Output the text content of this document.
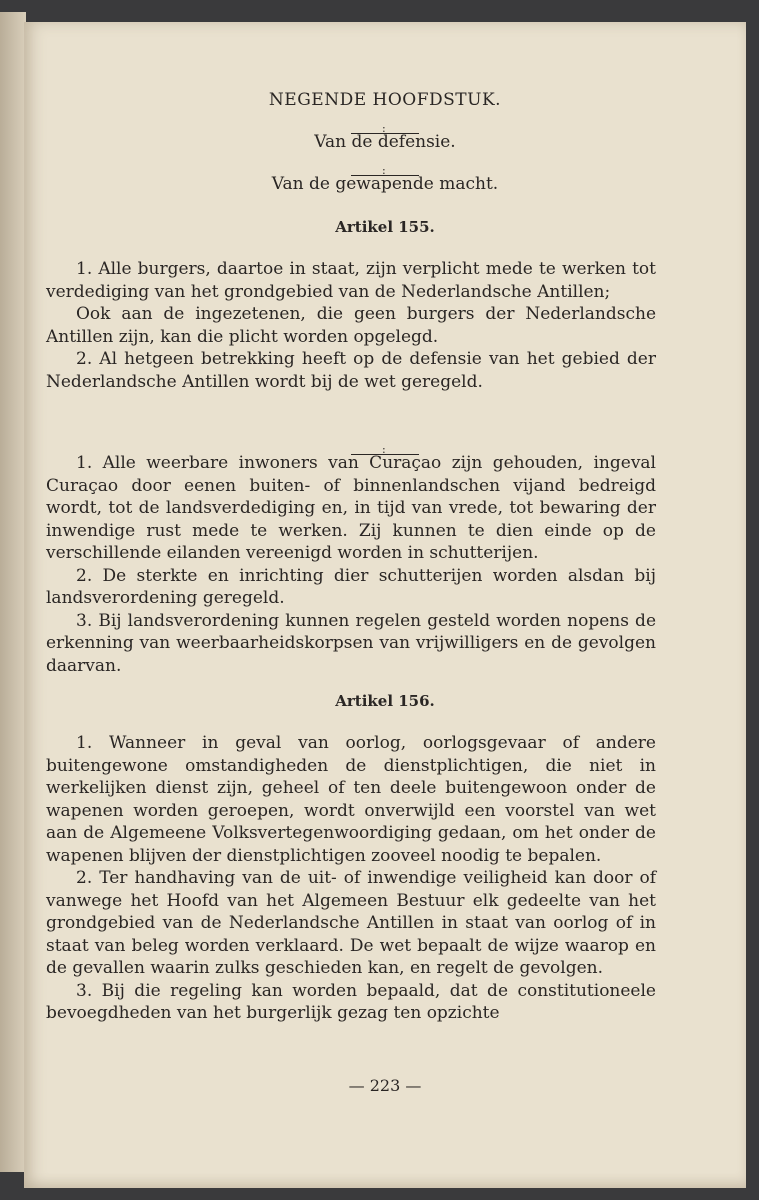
NEGENDE HOOFDSTUK.
:
Van de defensie.
:
Van de gewapende macht.
Artikel 155.

1. Alle burgers, daartoe in staat, zijn verplicht mede te werken tot verdediging van het grondgebied van de Nederlandsche Antillen;

Ook aan de ingezetenen, die geen burgers der Nederlandsche Antillen zijn, kan die plicht worden opgelegd.

2. Al hetgeen betrekking heeft op de defensie van het gebied der Nederlandsche Antillen wordt bij de wet geregeld.

:

1. Alle weerbare inwoners van Curaçao zijn gehouden, ingeval Curaçao door eenen buiten- of binnenlandschen vijand bedreigd wordt, tot de landsverdediging en, in tijd van vrede, tot bewaring der inwendige rust mede te werken. Zij kunnen te dien einde op de verschillende eilanden vereenigd worden in schutterijen.

2. De sterkte en inrichting dier schutterijen worden alsdan bij landsverordening geregeld.

3. Bij landsverordening kunnen regelen gesteld worden nopens de erkenning van weerbaarheidskorpsen van vrijwilligers en de gevolgen daarvan.

Artikel 156.

1. Wanneer in geval van oorlog, oorlogsgevaar of andere buitengewone omstandigheden de dienstplichtigen, die niet in werkelijken dienst zijn, geheel of ten deele buitengewoon onder de wapenen worden geroepen, wordt onverwijld een voorstel van wet aan de Algemeene Volksvertegenwoordiging gedaan, om het onder de wapenen blijven der dienstplichtigen zooveel noodig te bepalen.

2. Ter handhaving van de uit- of inwendige veiligheid kan door of vanwege het Hoofd van het Algemeen Bestuur elk gedeelte van het grondgebied van de Nederlandsche Antillen in staat van oorlog of in staat van beleg worden verklaard. De wet bepaalt de wijze waarop en de gevallen waarin zulks geschieden kan, en regelt de gevolgen.

3. Bij die regeling kan worden bepaald, dat de constitutioneele bevoegdheden van het burgerlijk gezag ten opzichte

— 223 —
